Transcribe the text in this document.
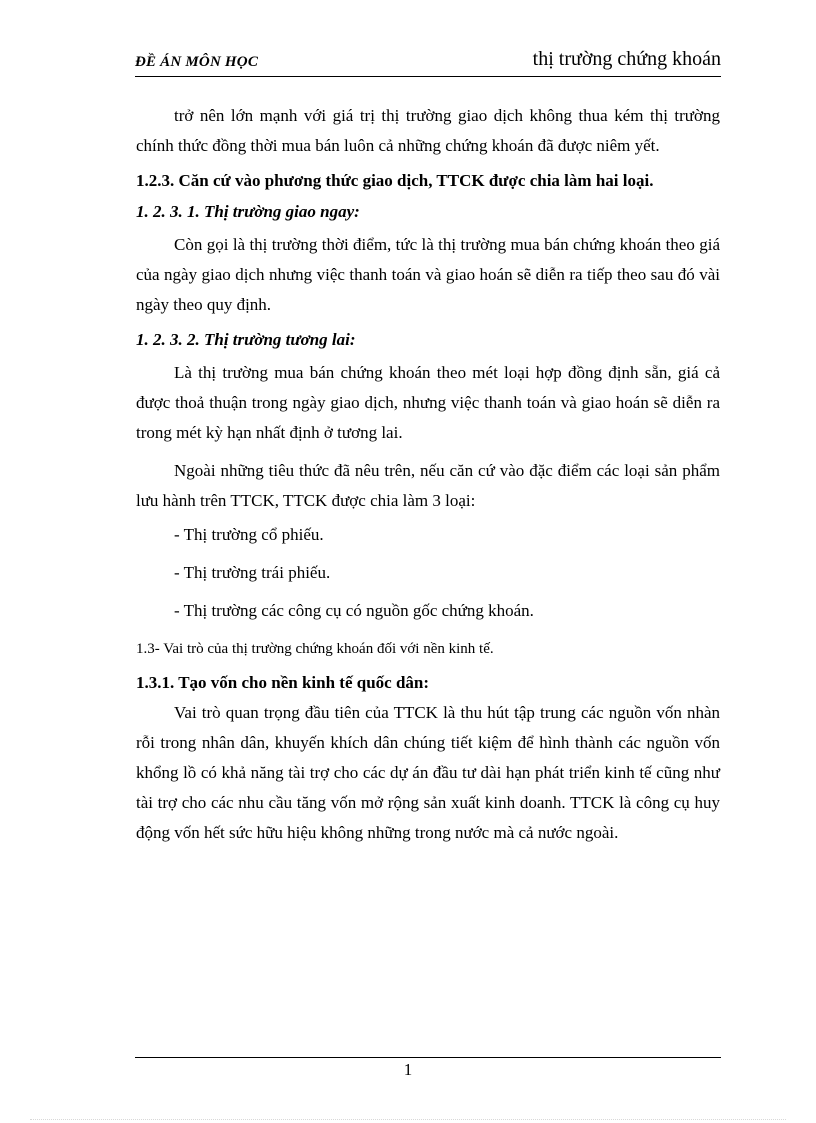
ĐỀ ÁN MÔN HỌC	thị trường chứng khoán

trở nên lớn mạnh với giá trị thị trường giao dịch không thua kém thị trường chính thức đồng thời mua bán luôn cả những chứng khoán đã được niêm yết.

1.2.3. Căn cứ vào phương thức giao dịch, TTCK được chia làm hai loại.

1. 2. 3. 1. Thị trường giao ngay:

Còn gọi là thị trường thời điểm, tức là thị trường mua bán chứng khoán theo giá của ngày giao dịch nhưng việc thanh toán và giao hoán sẽ diễn ra tiếp theo sau đó vài ngày theo quy định.

1. 2. 3. 2. Thị trường tương lai:

Là thị trường mua bán chứng khoán theo mét loại hợp đồng định sẵn, giá cả được thoả thuận trong ngày giao dịch, nhưng việc thanh toán và giao hoán sẽ diễn ra trong mét kỳ hạn nhất định ở tương lai.

Ngoài những tiêu thức đã nêu trên, nếu căn cứ vào đặc điểm các loại sản phẩm lưu hành trên TTCK, TTCK được chia làm 3 loại:

- Thị trường cổ phiếu.

- Thị trường trái phiếu.

- Thị trường các công cụ có nguồn gốc chứng khoán.

1.3- Vai trò của thị trường chứng khoán đối với nền kinh tế.

1.3.1. Tạo vốn cho nền kinh tế quốc dân:

Vai trò quan trọng đầu tiên của TTCK là thu hút tập trung các nguồn vốn nhàn rỗi trong nhân dân, khuyến khích dân chúng tiết kiệm để hình thành các nguồn vốn khổng lồ có khả năng tài trợ cho các dự án đầu tư dài hạn phát triển kinh tế cũng như tài trợ cho các nhu cầu tăng vốn mở rộng sản xuất kinh doanh. TTCK là công cụ huy động vốn hết sức hữu hiệu không những trong nước mà cả nước ngoài.

1
